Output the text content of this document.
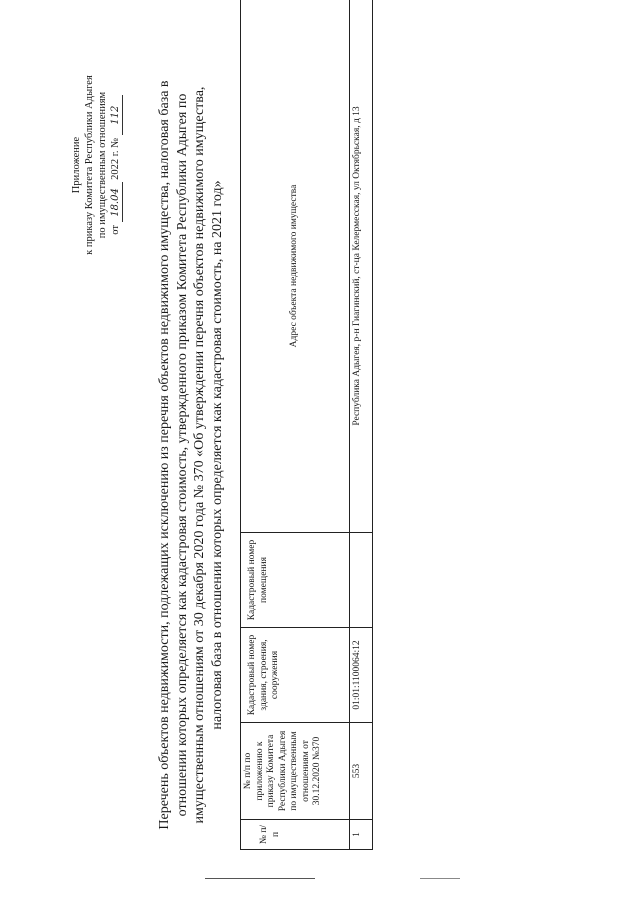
Приложение к приказу Комитета Республики Адыгея по имущественным отношениям от 18.04 2022 г. № 112	Перечень объектов недвижимости, подлежащих исключению из перечня объектов недвижимого имущества, налоговая база в отношении которых определяется как кадастровая стоимость, утвержденного приказом Комитета Республики Адыгея по имущественным отношениям от 30 декабря 2020 года № 370 «Об утверждении перечня объектов недвижимого имущества, налоговая база в отношении которых определяется как кадастровая стоимость, на 2021 год»
№ п/п	№ п/п по приложению к приказу Комитета Республики Адыгея по имущественным отношениям от 30.12.2020 №370	Кадастровый номер здания, строения, сооружения	Кадастровый номер помещения	Адрес объекта недвижимого имущества
1	553	01:01:1100064:12		Республика Адыгея, р-н Гиагинский, ст-ца Келермесская, ул Октябрьская, д 13
